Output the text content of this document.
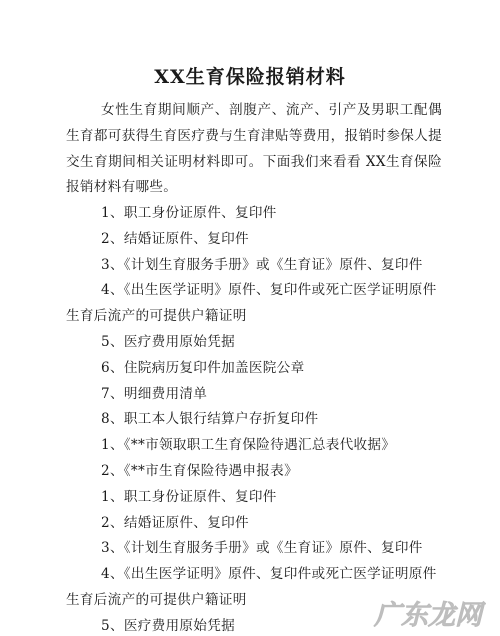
XX生育保险报销材料
女性生育期间顺产、剖腹产、流产、引产及男职工配偶生育都可获得生育医疗费与生育津贴等费用，报销时参保人提交生育期间相关证明材料即可。下面我们来看看 XX生育保险报销材料有哪些。
1、职工身份证原件、复印件
2、结婚证原件、复印件
3、《计划生育服务手册》或《生育证》原件、复印件
4、《出生医学证明》原件、复印件或死亡医学证明原件生育后流产的可提供户籍证明
5、医疗费用原始凭据
6、住院病历复印件加盖医院公章
7、明细费用清单
8、职工本人银行结算户存折复印件
1、《**市领取职工生育保险待遇汇总表代收据》
2、《**市生育保险待遇申报表》
1、职工身份证原件、复印件
2、结婚证原件、复印件
3、《计划生育服务手册》或《生育证》原件、复印件
4、《出生医学证明》原件、复印件或死亡医学证明原件生育后流产的可提供户籍证明
5、医疗费用原始凭据	广东龙网
